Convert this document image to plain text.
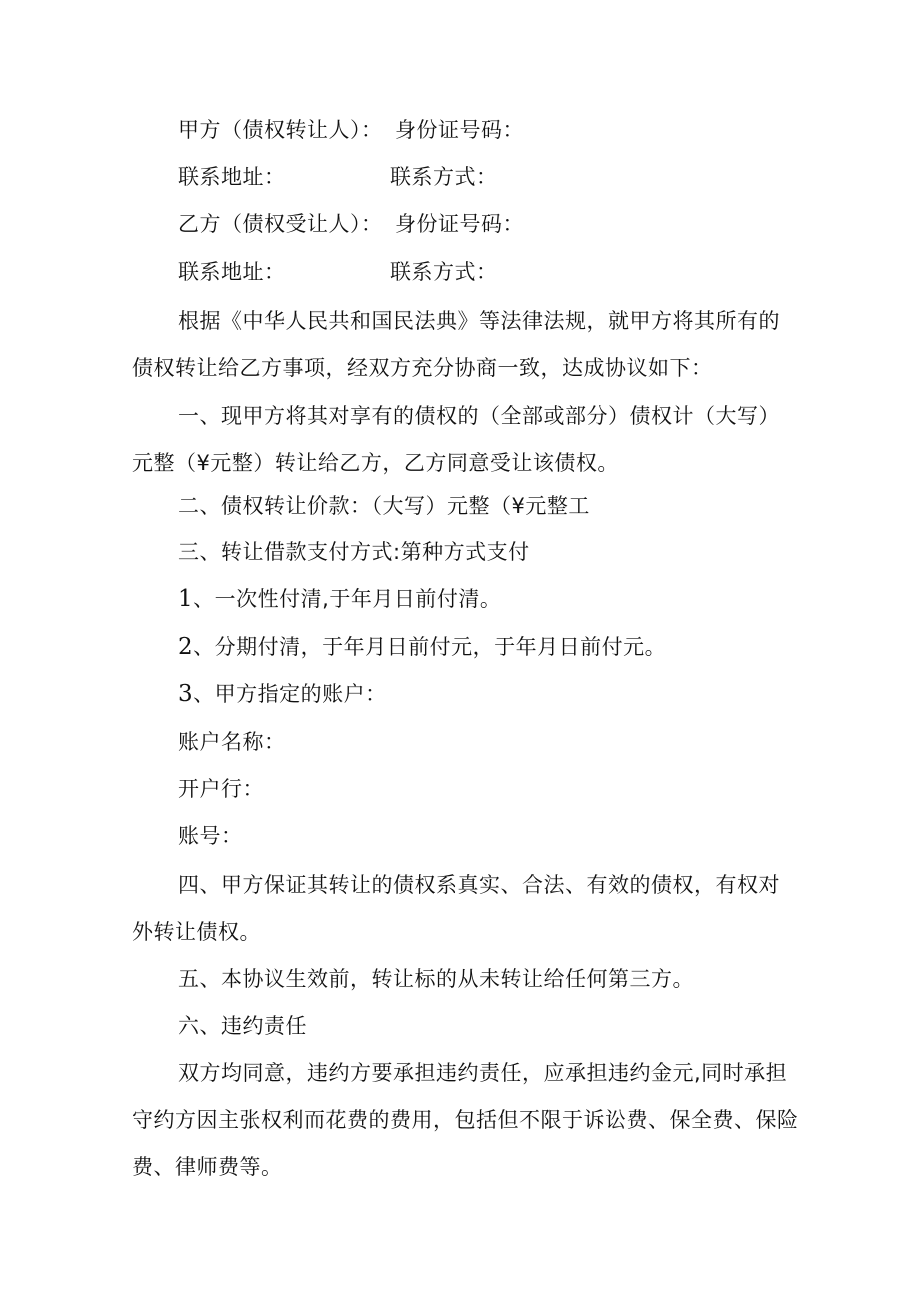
甲方（债权转让人）： 身份证号码：
联系地址：	联系方式：
乙方（债权受让人）： 身份证号码：
联系地址：	联系方式：
根据《中华人民共和国民法典》等法律法规，就甲方将其所有的
债权转让给乙方事项，经双方充分协商一致，达成协议如下：
一、现甲方将其对享有的债权的（全部或部分）债权计（大写）
元整（¥元整）转让给乙方，乙方同意受让该债权。
二、债权转让价款：（大写）元整（¥元整工
三、转让借款支付方式:第种方式支付
1、一次性付清,于年月日前付清。
2、分期付清，于年月日前付元，于年月日前付元。
3、甲方指定的账户：
账户名称：
开户行：
账号：
四、甲方保证其转让的债权系真实、合法、有效的债权，有权对
外转让债权。
五、本协议生效前，转让标的从未转让给任何第三方。
六、违约责任
双方均同意，违约方要承担违约责任，应承担违约金元,同时承担
守约方因主张权利而花费的费用，包括但不限于诉讼费、保全费、保险
费、律师费等。
